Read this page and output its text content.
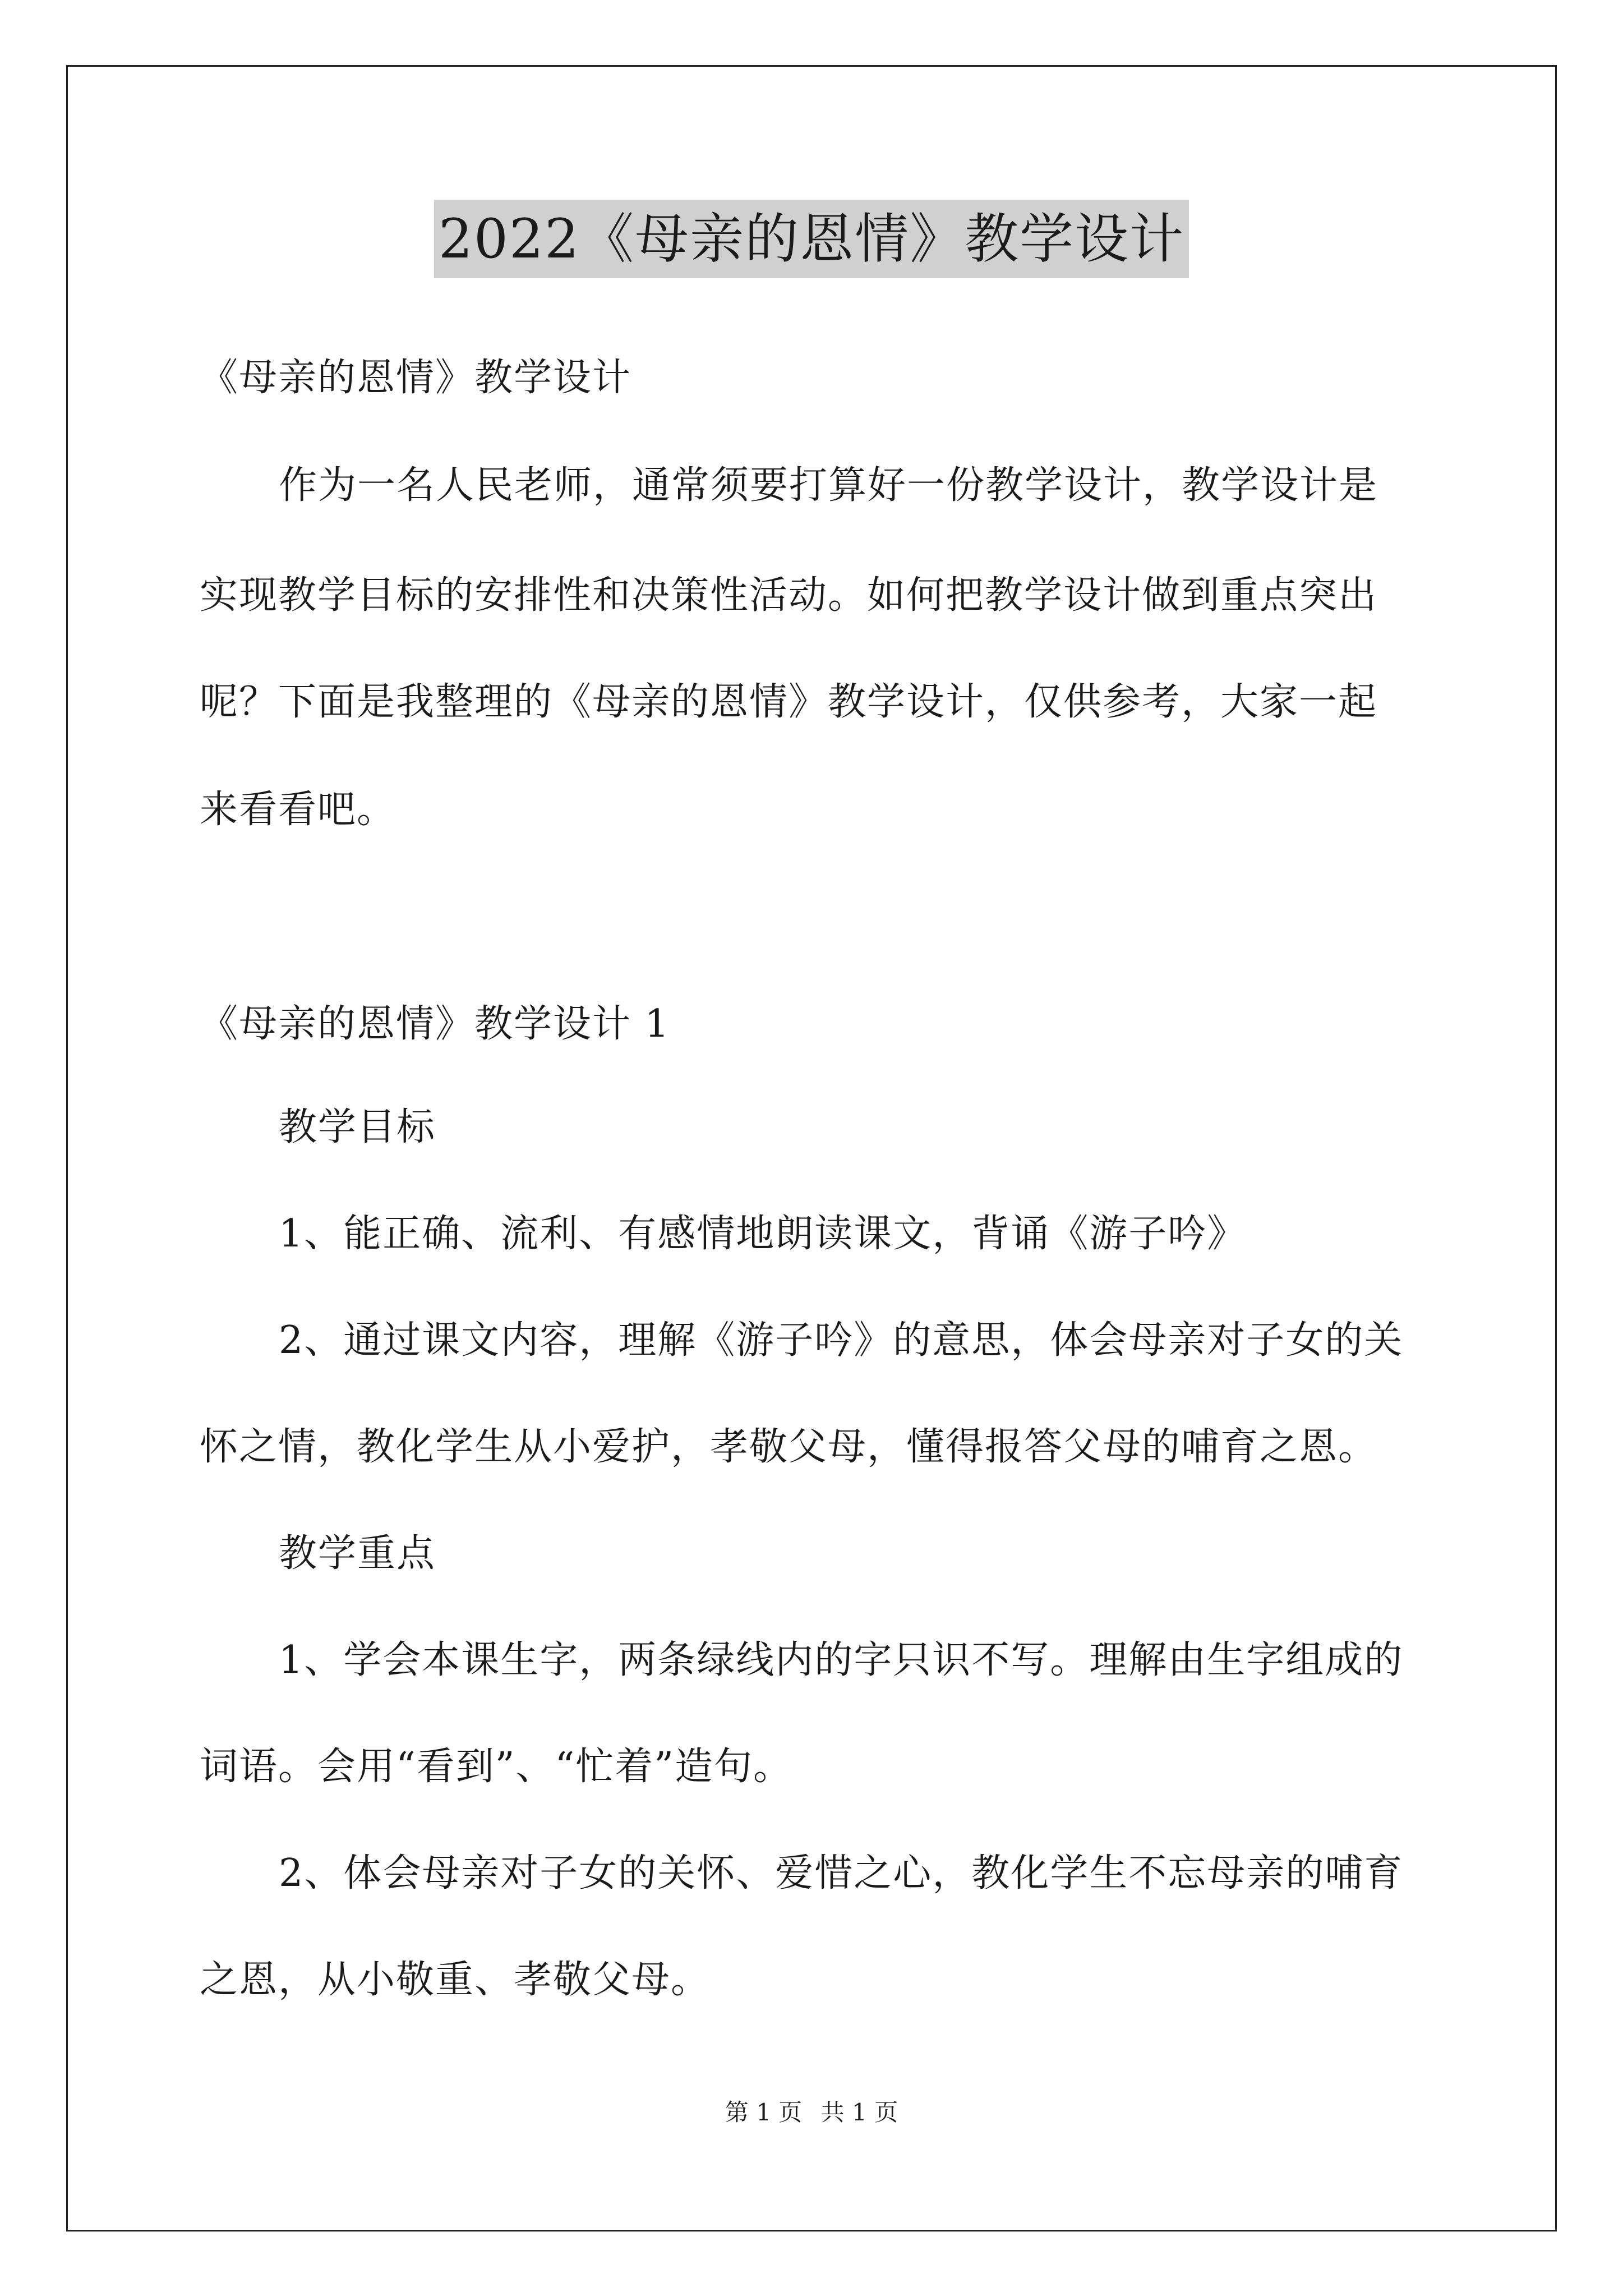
2022《母亲的恩情》教学设计
《母亲的恩情》教学设计
作为一名人民老师，通常须要打算好一份教学设计，教学设计是
实现教学目标的安排性和决策性活动。如何把教学设计做到重点突出
呢？下面是我整理的《母亲的恩情》教学设计，仅供参考，大家一起
来看看吧。
《母亲的恩情》教学设计 1
教学目标
1、能正确、流利、有感情地朗读课文，背诵《游子吟》
2、通过课文内容，理解《游子吟》的意思，体会母亲对子女的关
怀之情，教化学生从小爱护，孝敬父母，懂得报答父母的哺育之恩。
教学重点
1、学会本课生字，两条绿线内的字只识不写。理解由生字组成的
词语。会用“看到”、“忙着”造句。
2、体会母亲对子女的关怀、爱惜之心，教化学生不忘母亲的哺育
之恩，从小敬重、孝敬父母。
第 1 页 共 1 页
